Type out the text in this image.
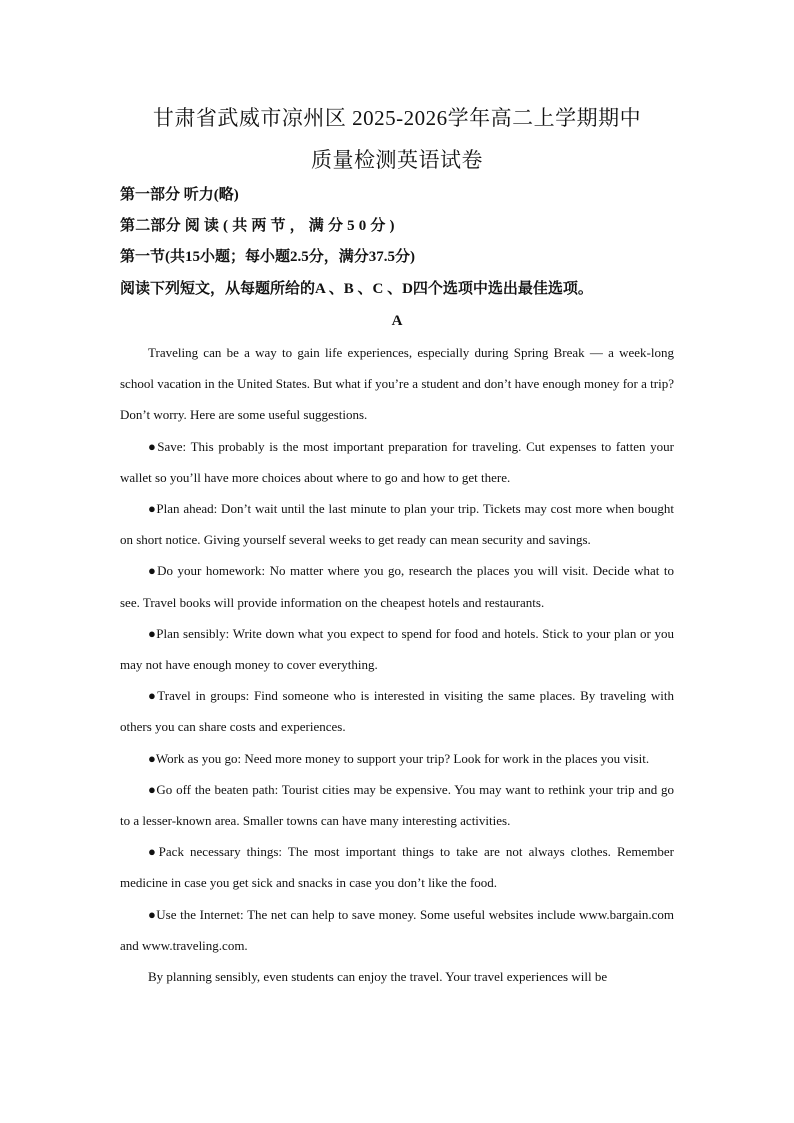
甘肃省武威市凉州区 2025-2026学年高二上学期期中
质量检测英语试卷
第一部分 听力(略)
第二部分 阅 读 ( 共 两 节 ， 满 分 5 0 分 )
第一节(共15小题；每小题2.5分，满分37.5分)
阅读下列短文，从每题所给的A 、B 、C 、D四个选项中选出最佳选项。
A

Traveling can be a way to gain life experiences, especially during Spring Break — a week-long school vacation in the United States. But what if you’re a student and don’t have enough money for a trip? Don’t worry. Here are some useful suggestions.

●Save: This probably is the most important preparation for traveling. Cut expenses to fatten your wallet so you’ll have more choices about where to go and how to get there.

●Plan ahead: Don’t wait until the last minute to plan your trip. Tickets may cost more when bought on short notice. Giving yourself several weeks to get ready can mean security and savings.

●Do your homework: No matter where you go, research the places you will visit. Decide what to see. Travel books will provide information on the cheapest hotels and restaurants.

●Plan sensibly: Write down what you expect to spend for food and hotels. Stick to your plan or you may not have enough money to cover everything.

●Travel in groups: Find someone who is interested in visiting the same places. By traveling with others you can share costs and experiences.

●Work as you go: Need more money to support your trip? Look for work in the places you visit.

●Go off the beaten path: Tourist cities may be expensive. You may want to rethink your trip and go to a lesser-known area. Smaller towns can have many interesting activities.

●Pack necessary things: The most important things to take are not always clothes. Remember medicine in case you get sick and snacks in case you don’t like the food.

●Use the Internet: The net can help to save money. Some useful websites include www.bargain.com and www.traveling.com.

By planning sensibly, even students can enjoy the travel. Your travel experiences will be
